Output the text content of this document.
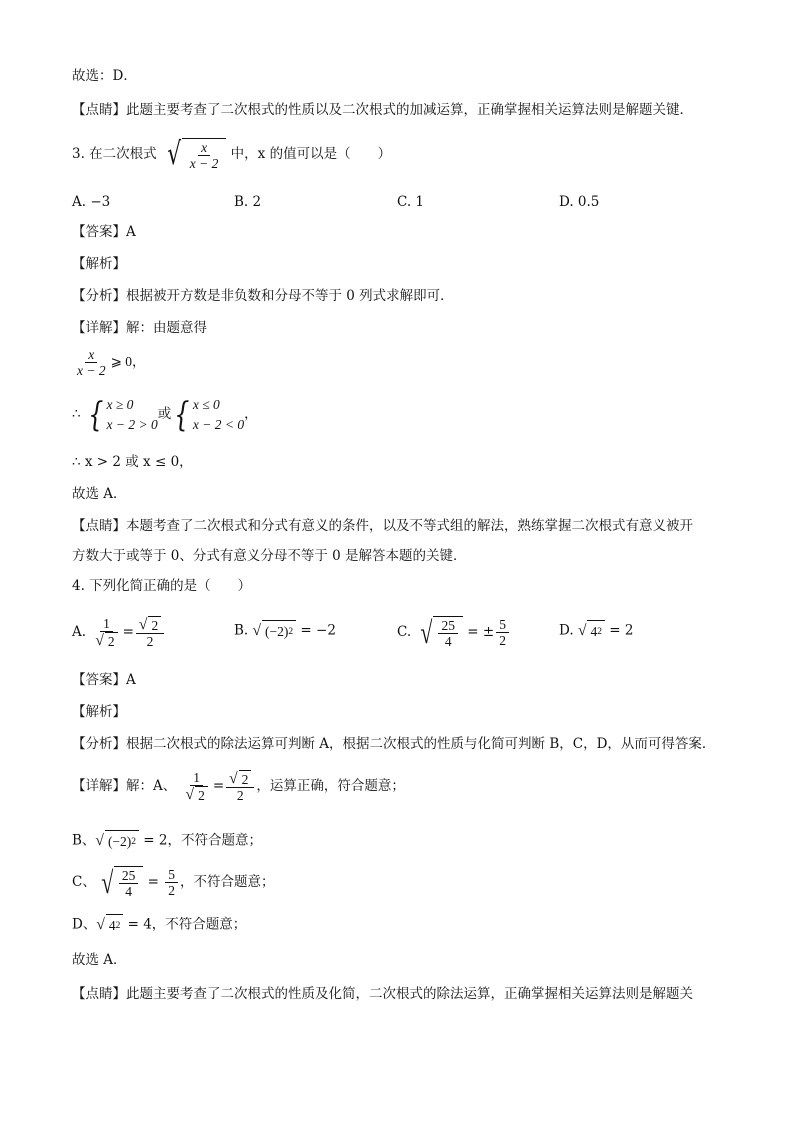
故选：D．
【点睛】此题主要考查了二次根式的性质以及二次根式的加减运算，正确掌握相关运算法则是解题关键．
3. 在二次根式 √ $\frac{x}{x - 2}$ 中，x 的值可以是（　　）
A. −3	B. 2	C. 1	D. 0.5
【答案】A
【解析】
【分析】根据被开方数是非负数和分母不等于 0 列式求解即可．
【详解】解：由题意得
$\frac{x}{x - 2}$ ⩾ 0，
∴ { x ≥ 0
x − 2 > 0
或 { x ≤ 0
x − 2 < 0
，
∴ x > 2 或 x ≤ 0，
故选 A．
【点睛】本题考查了二次根式和分式有意义的条件，以及不等式组的解法，熟练掌握二次根式有意义被开
方数大于或等于 0、分式有意义分母不等于 0 是解答本题的关键．
4. 下列化简正确的是（　　）
A. $\frac{1}{√ 2} = \frac{√ 2}{2}$	B. √ (−2) 2 = −2	C. √ $\frac{25}{4}$ = ± $\frac{5}{2}$	D. √ 4 2 = 2
【答案】A
【解析】
【分析】根据二次根式的除法运算可判断 A，根据二次根式的性质与化简可判断 B，C，D，从而可得答案．
【详解】解：A、 $\frac{1}{√ 2} = \frac{√ 2}{2}$ ，运算正确，符合题意；
B、 √ (−2) 2 = 2，不符合题意；
C、 √ $\frac{25}{4} = \frac{5}{2}$ ，不符合题意；
D、 √ 4 2 = 4，不符合题意；
故选 A．
【点睛】此题主要考查了二次根式的性质及化简，二次根式的除法运算，正确掌握相关运算法则是解题关
